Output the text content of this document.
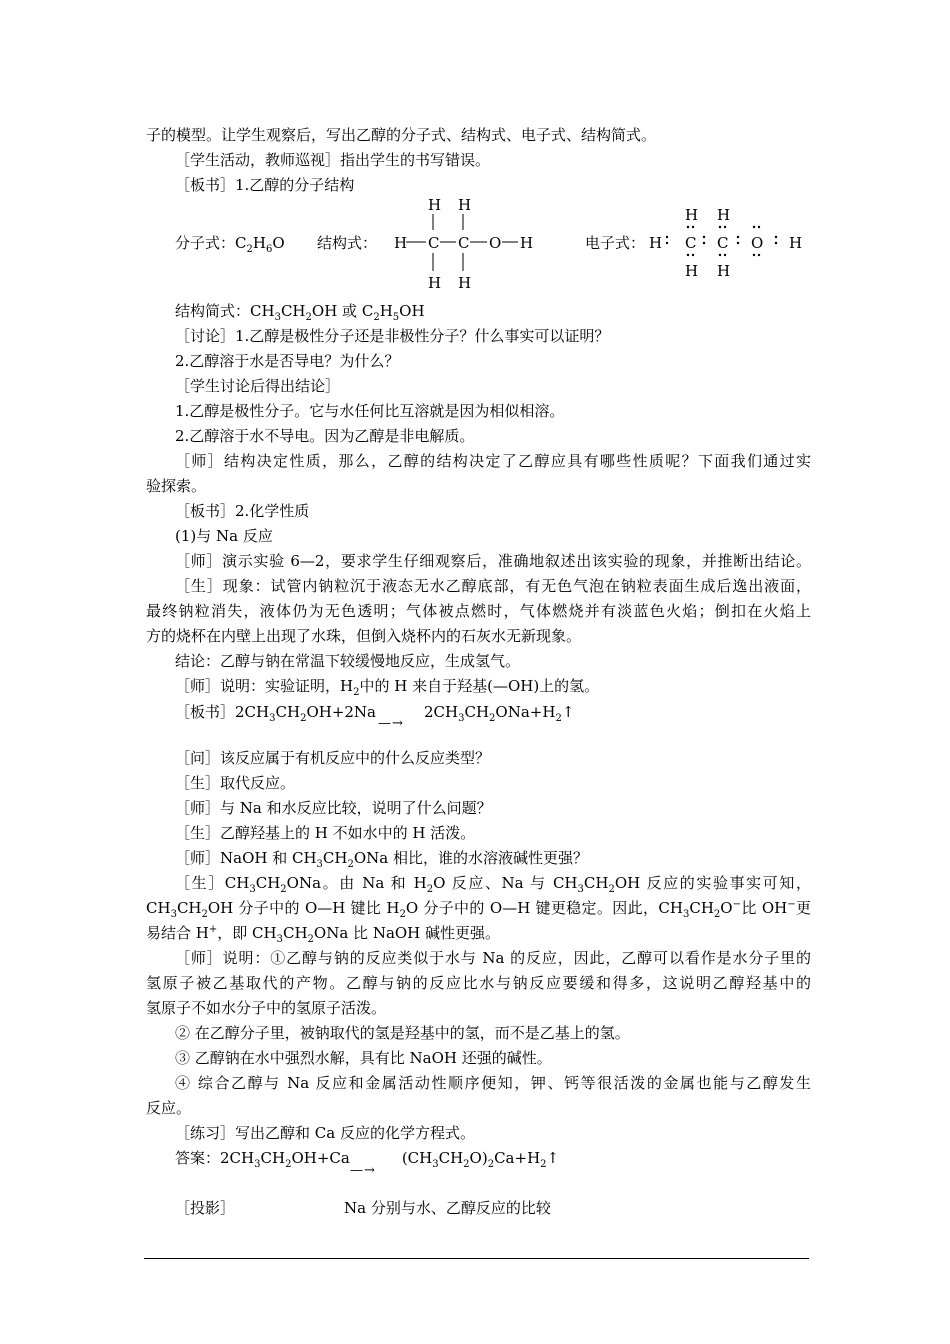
子的模型。让学生观察后，写出乙醇的分子式、结构式、电子式、结构简式。
［学生活动，教师巡视］指出学生的书写错误。
［板书］1.乙醇的分子结构
分子式：$C_2H_6O$ 结构式：
H H
H C C O H
H H
电子式：
H H
H C C O H
H H
结构简式：$CH_3CH_2OH$ 或 $C_2H_5OH$
［讨论］1.乙醇是极性分子还是非极性分子？什么事实可以证明？
2.乙醇溶于水是否导电？为什么？
［学生讨论后得出结论］
1.乙醇是极性分子。它与水任何比互溶就是因为相似相溶。
2.乙醇溶于水不导电。因为乙醇是非电解质。
［师］结构决定性质，那么，乙醇的结构决定了乙醇应具有哪些性质呢？下面我们通过实
验探索。
［板书］2.化学性质
(1)与 Na 反应
［师］演示实验 6—2，要求学生仔细观察后，准确地叙述出该实验的现象，并推断出结论。
［生］现象：试管内钠粒沉于液态无水乙醇底部，有无色气泡在钠粒表面生成后逸出液面，
最终钠粒消失，液体仍为无色透明；气体被点燃时，气体燃烧并有淡蓝色火焰；倒扣在火焰上
方的烧杯在内壁上出现了水珠，但倒入烧杯内的石灰水无新现象。
结论：乙醇与钠在常温下较缓慢地反应，生成氢气。
［师］说明：实验证明，$H_2$中的 H 来自于羟基(—OH)上的氢。
［板书$]2CH_3CH_2OH+2Na$	$2CH_3CH_2ONa+H_2↑$
—→
［问］该反应属于有机反应中的什么反应类型？
［生］取代反应。
［师］与 Na 和水反应比较，说明了什么问题？
［生］乙醇羟基上的 H 不如水中的 H 活泼。
［师］NaOH 和 $CH_3CH_2ONa$ 相比，谁的水溶液碱性更强？
［生$]CH_3CH_2ONa$。由 Na 和 $H_2O$ 反应、Na 与 $CH_3CH_2OH$ 反应的实验事实可知，
$CH_3CH_2OH$ 分子中的 O—H 键比 $H_2O$ 分子中的 O—H 键更稳定。因此，$CH_3CH_2O^-$比 OH−更
易结合 H+，即 $CH_3CH_2ONa$ 比 NaOH 碱性更强。
［师］说明：①乙醇与钠的反应类似于水与 Na 的反应，因此，乙醇可以看作是水分子里的
氢原子被乙基取代的产物。乙醇与钠的反应比水与钠反应要缓和得多，这说明乙醇羟基中的
氢原子不如水分子中的氢原子活泼。
② 在乙醇分子里，被钠取代的氢是羟基中的氢，而不是乙基上的氢。
③ 乙醇钠在水中强烈水解，具有比 NaOH 还强的碱性。
④ 综合乙醇与 Na 反应和金属活动性顺序便知，钾、钙等很活泼的金属也能与乙醇发生
反应。
［练习］写出乙醇和 Ca 反应的化学方程式。
答案：$2CH_3CH_2OH+Ca$	$(CH_3CH_2O)_2Ca+H_2↑$
—→
［投影］	Na 分别与水、乙醇反应的比较
